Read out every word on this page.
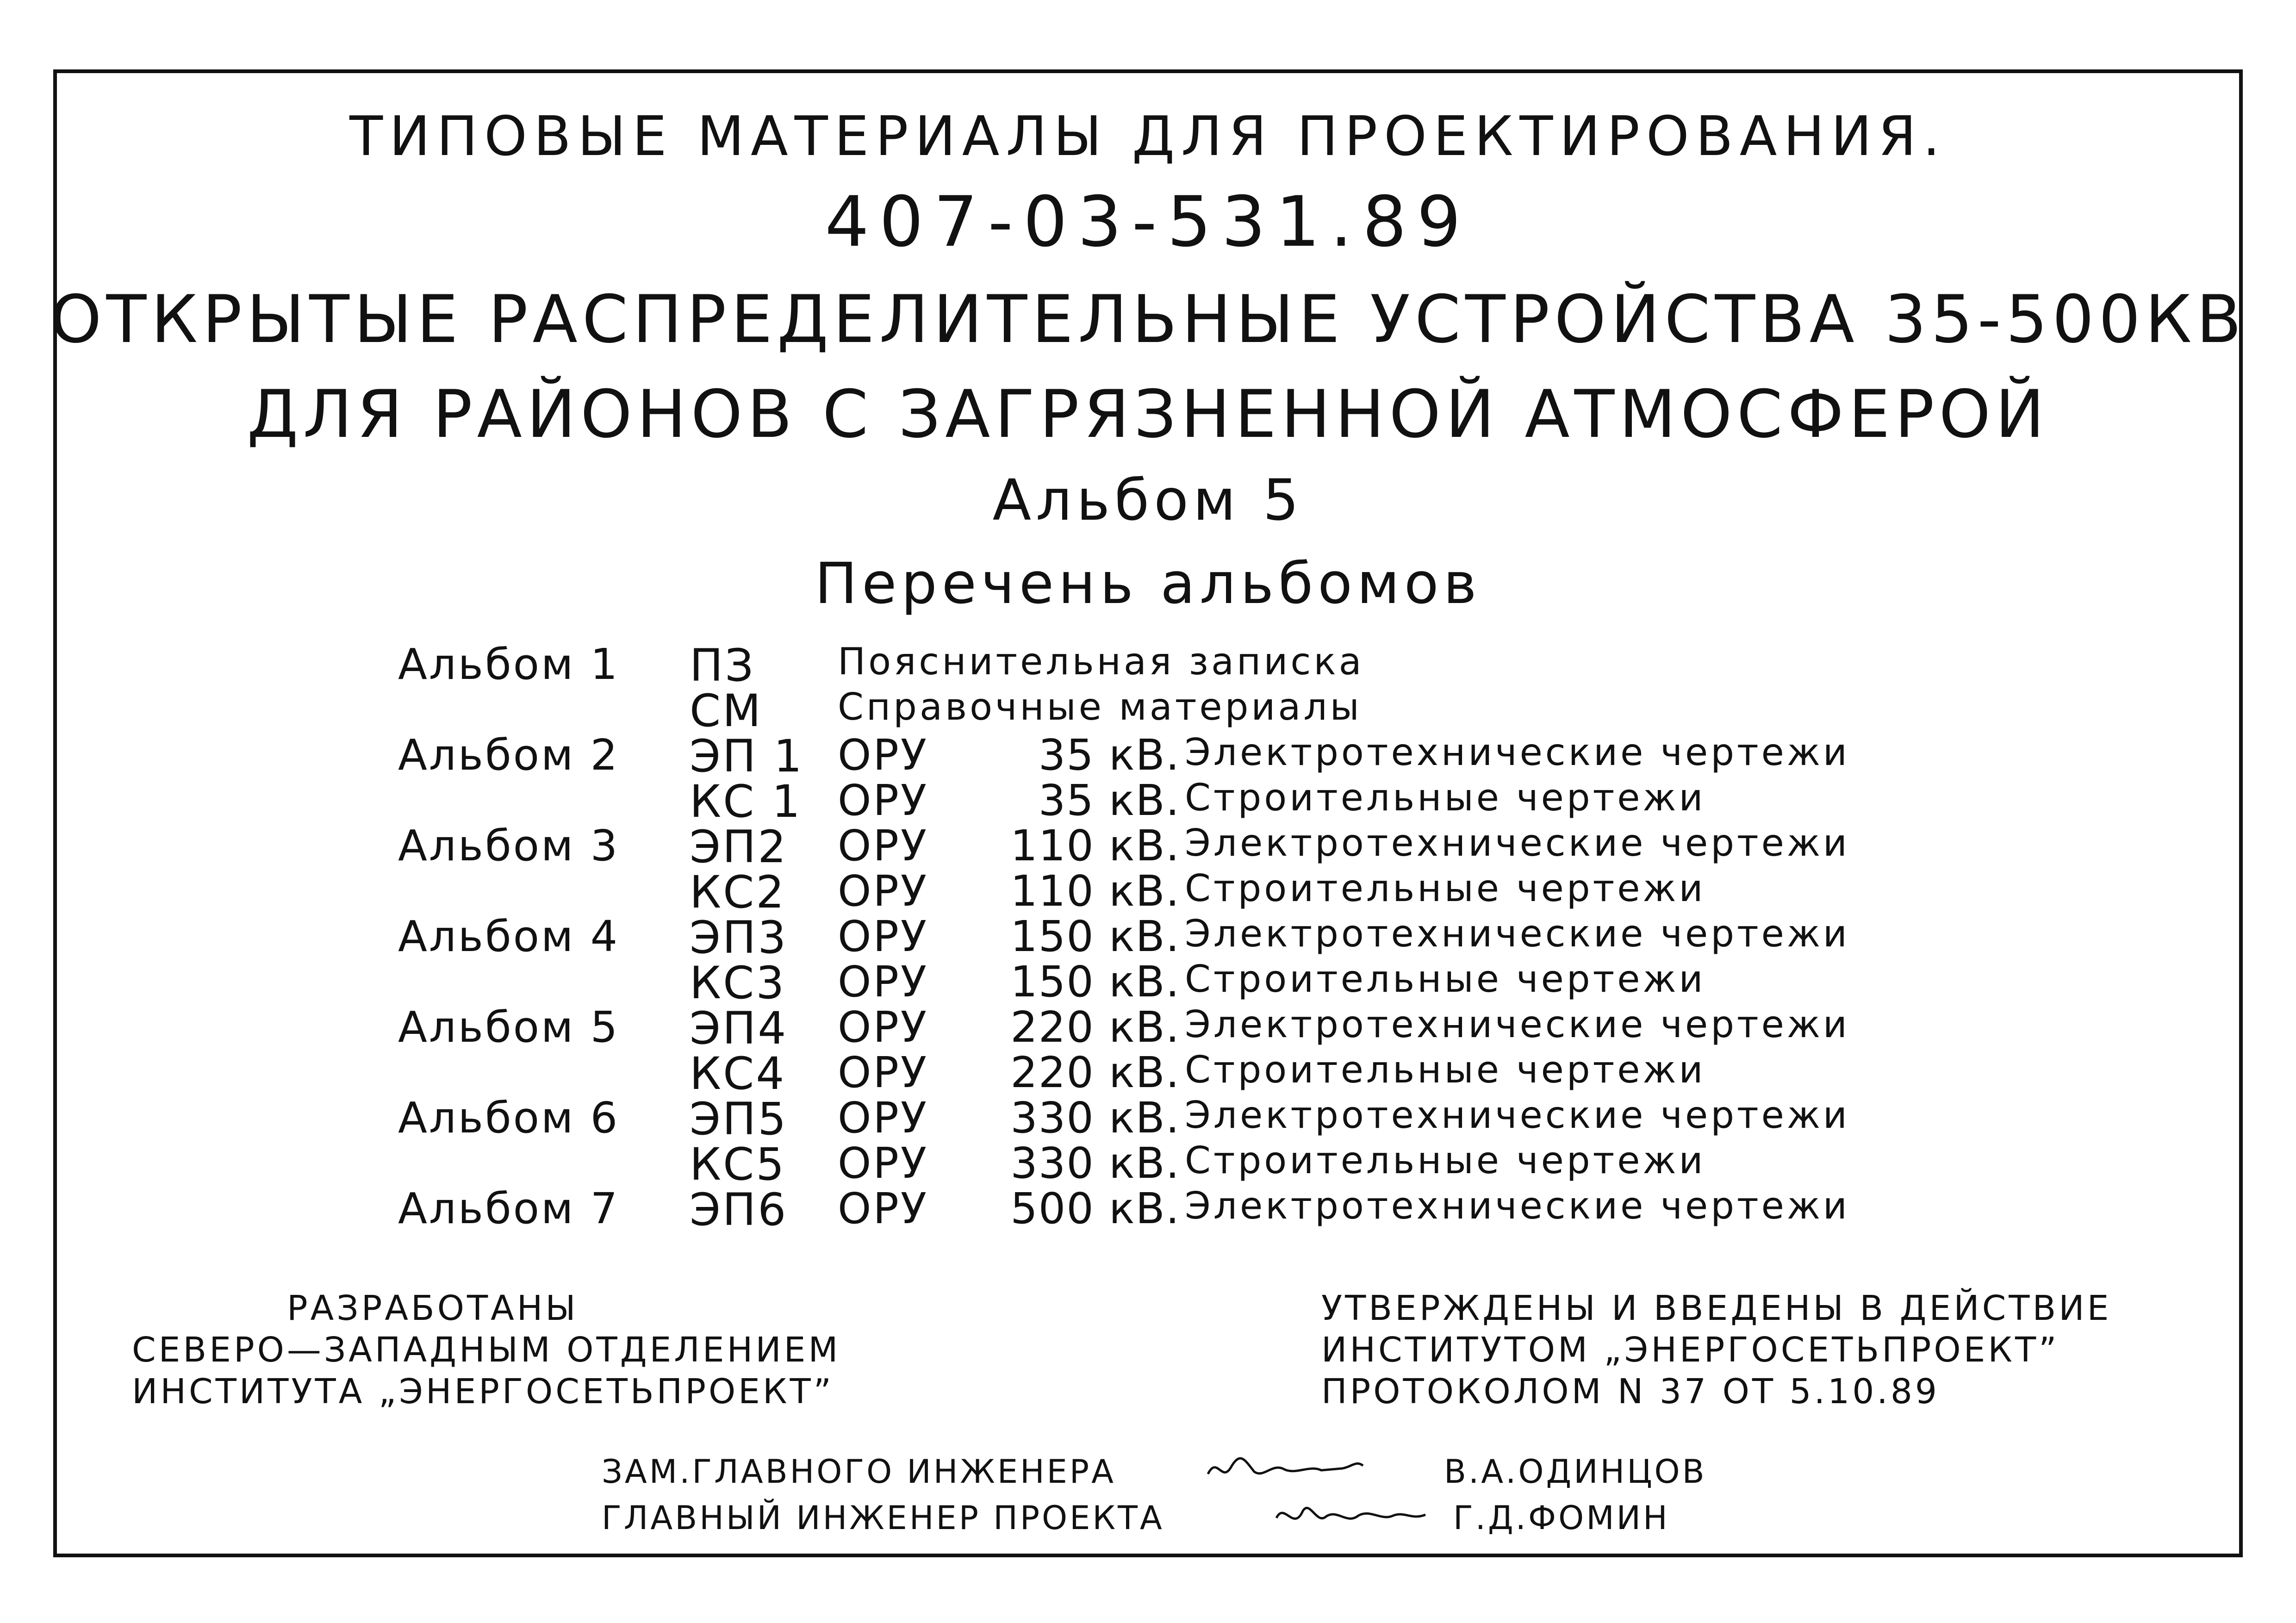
ТИПОВЫЕ МАТЕРИАЛЫ ДЛЯ ПРОЕКТИРОВАНИЯ.
407-03-531.89
ОТКРЫТЫЕ РАСПРЕДЕЛИТЕЛЬНЫЕ УСТРОЙСТВА 35-500КВ
ДЛЯ РАЙОНОВ С ЗАГРЯЗНЕННОЙ АТМОСФЕРОЙ
Альбом 5
Перечень альбомов
Альбом 1 ПЗ Пояснительная записка
СМ Справочные материалы
Альбом 2 ЭП 1 ОРУ	35 кВ. Электротехнические чертежи
КС 1 ОРУ	35 кВ. Строительные чертежи
Альбом 3 ЭП2 ОРУ	110 кВ. Электротехнические чертежи
КС2 ОРУ	110 кВ. Строительные чертежи
Альбом 4 ЭП3 ОРУ	150 кВ. Электротехнические чертежи
КС3 ОРУ	150 кВ. Строительные чертежи
Альбом 5 ЭП4 ОРУ	220 кВ. Электротехнические чертежи
КС4 ОРУ	220 кВ. Строительные чертежи
Альбом 6 ЭП5 ОРУ	330 кВ. Электротехнические чертежи
КС5 ОРУ	330 кВ. Строительные чертежи
Альбом 7 ЭП6 ОРУ	500 кВ. Электротехнические чертежи
РАЗРАБОТАНЫ
СЕВЕРО—ЗАПАДНЫМ ОТДЕЛЕНИЕМ
ИНСТИТУТА „ЭНЕРГОСЕТЬПРОЕКТ”
УТВЕРЖДЕНЫ И ВВЕДЕНЫ В ДЕЙСТВИЕ
ИНСТИТУТОМ „ЭНЕРГОСЕТЬПРОЕКТ”
ПРОТОКОЛОМ N 37 ОТ 5.10.89
ЗАМ.ГЛАВНОГО ИНЖЕНЕРА	В.А.ОДИНЦОВ
ГЛАВНЫЙ ИНЖЕНЕР ПРОЕКТА	Г.Д.ФОМИН
